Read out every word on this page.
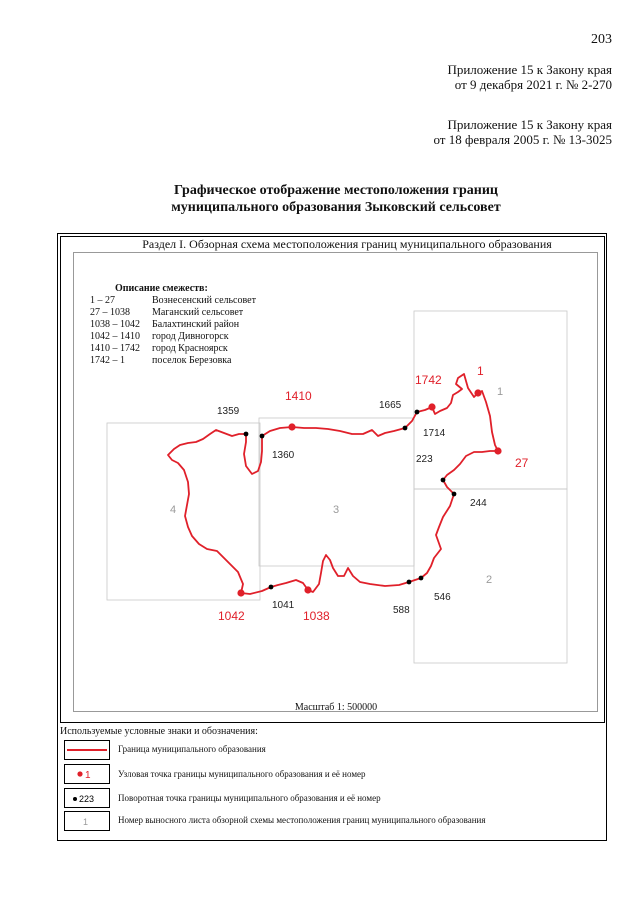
203
Приложение 15 к Закону края
от 9 декабря 2021 г. № 2-270
Приложение 15 к Закону края
от 18 февраля 2005 г. № 13-3025
Графическое отображение местоположения границ
муниципального образования Зыковский сельсовет
Раздел I. Обзорная схема местоположения границ муниципального образования
1
2
3
4
1359
1360
1665
1714
223
244
546
588
1041
1
27
1038
1042
1410
1742
Описание смежеств:
1 – 27	Вознесенский сельсовет
27 – 1038 Маганский сельсовет
1038 – 1042 Балахтинский район
1042 – 1410 город Дивногорск
1410 – 1742 город Красноярск
1742 – 1	поселок Березовка
Масштаб 1: 500000
Используемые условные знаки и обозначения:
Граница муниципального образования
1	Узловая точка границы муниципального образования и её номер
223	Поворотная точка границы муниципального образования и её номер
1	Номер выносного листа обзорной схемы местоположения границ муниципального образования
